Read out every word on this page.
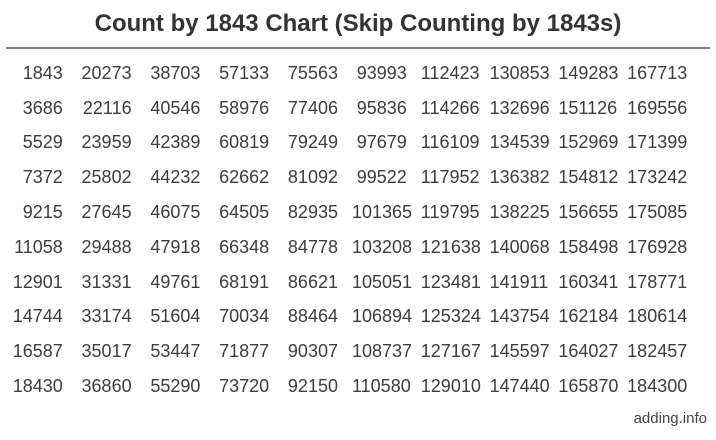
Count by 1843 Chart (Skip Counting by 1843s)
1843	20273	38703	57133	75563	93993	112423	130853	149283	167713
3686	22116	40546	58976	77406	95836	114266	132696	151126	169556
5529	23959	42389	60819	79249	97679	116109	134539	152969	171399
7372	25802	44232	62662	81092	99522	117952	136382	154812	173242
9215	27645	46075	64505	82935	101365	119795	138225	156655	175085
11058	29488	47918	66348	84778	103208	121638	140068	158498	176928
12901	31331	49761	68191	86621	105051	123481	141911	160341	178771
14744	33174	51604	70034	88464	106894	125324	143754	162184	180614
16587	35017	53447	71877	90307	108737	127167	145597	164027	182457
18430	36860	55290	73720	92150	110580	129010	147440	165870	184300
adding.info
